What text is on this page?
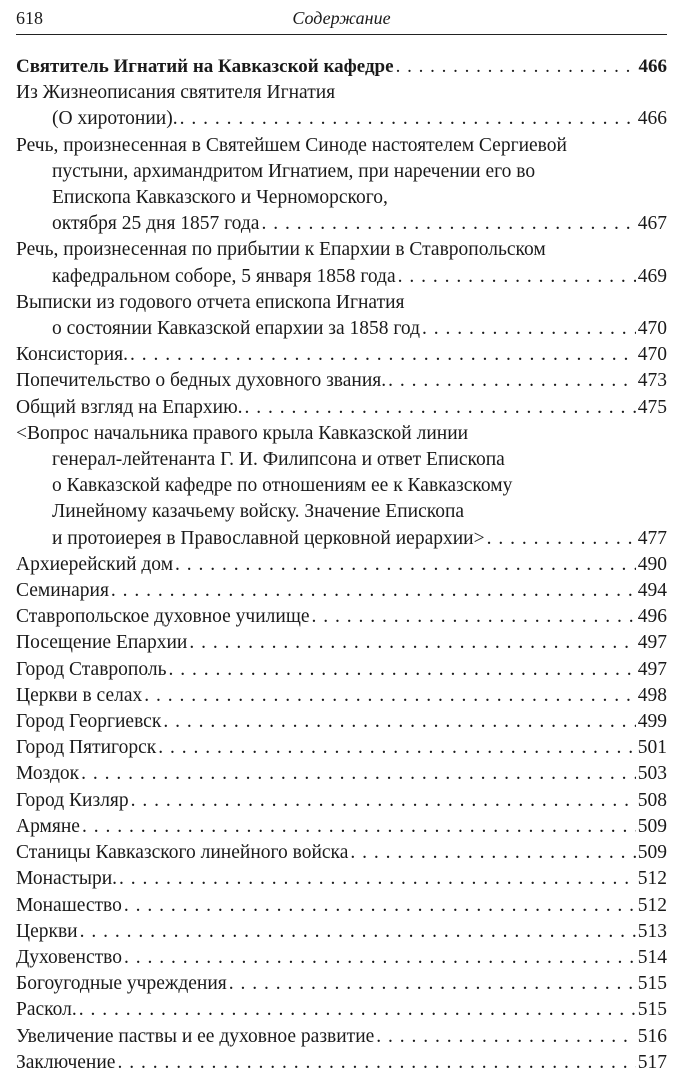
618	Содержание
Святитель Игнатий на Кавказской кафедре . . .	466
Из Жизнеописания святителя Игнатия
(О хиротонии). . . .	466
Речь, произнесенная в Святейшем Синоде настоятелем Сергиевой
пустыни, архимандритом Игнатием, при наречении его во
Епископа Кавказского и Черноморского,
октября 25 дня 1857 года . . .	467
Речь, произнесенная по прибытии к Епархии в Ставропольском
кафедральном соборе, 5 января 1858 года . . .	469
Выписки из годового отчета епископа Игнатия
о состоянии Кавказской епархии за 1858 год . . .	470
Консистория. . . .	470
Попечительство о бедных духовного звания. . . .	473
Общий взгляд на Епархию. . . .	475
<Вопрос начальника правого крыла Кавказской линии
генерал-лейтенанта Г. И. Филипсона и ответ Епископа
о Кавказской кафедре по отношениям ее к Кавказскому
Линейному казачьему войску. Значение Епископа
и протоиерея в Православной церковной иерархии> . . .	477
Архиерейский дом . . .	490
Семинария . . .	494
Ставропольское духовное училище . . .	496
Посещение Епархии . . .	497
Город Ставрополь . . .	497
Церкви в селах . . .	498
Город Георгиевск . . .	499
Город Пятигорск . . .	501
Моздок . . .	503
Город Кизляр . . .	508
Армяне . . .	509
Станицы Кавказского линейного войска . . .	509
Монастыри. . . .	512
Монашество . . .	512
Церкви . . .	513
Духовенство . . .	514
Богоугодные учреждения . . .	515
Раскол. . . .	515
Увеличение паствы и ее духовное развитие . . .	516
Заключение . . .	517
